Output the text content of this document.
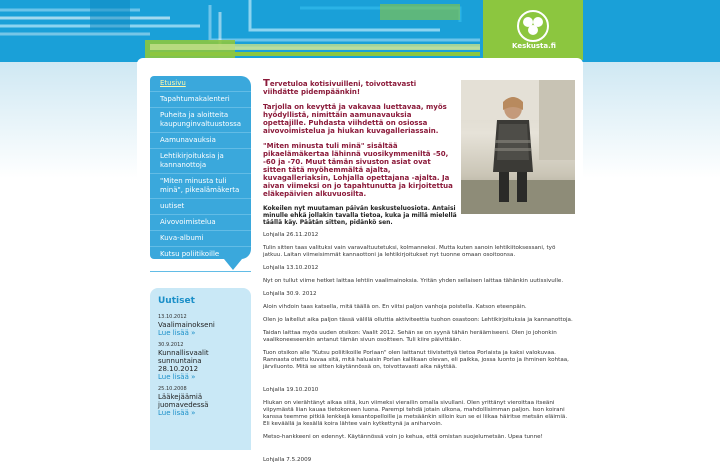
Keskusta.fi
Etusivu
Tapahtumakalenteri
Puheita ja aloitteita kaupunginvaltuustossa
Aamunavauksia
Lehtikirjoituksia ja kannanottoja
"Miten minusta tuli minä", pikealämäkerta
uutiset
Aivovoimistelua
Kuva-albumi
Kutsu poliitikoille Porlaan
Keskustelupalsta
Uutiset
13.10.2012
Vaalimainokseni
Lue lisää »
30.9.2012
Kunnallisvaalit sunnuntaina 28.10.2012
Lue lisää »
25.10.2008
Lääkejäämiä juomavedessä
Lue lisää »

Tervetuloa kotisivuilleni, toivottavasti viihdätte pidempäänkin!

Tarjolla on kevyttä ja vakavaa luettavaa, myös hyödyllistä, nimittäin aamunavauksia opettajille. Puhdasta viihdettä on osiossa aivovoimistelua ja hiukan kuvagalleriassain.

"Miten minusta tuli minä" sisältää pikaelämäkertaa lähinnä vuosikymmeniltä -50, -60 ja -70. Muut tämän sivuston asiat ovat sitten tätä myöhemmältä ajalta, kuvagalleriaksin, Lohjalla opettajana -ajalta. Ja aivan viimeksi on jo tapahtunutta ja kirjoitettua eläkepäivien alkuvuosilta.

Kokeilen nyt muutaman päivän keskusteluosiota. Antaisi minulle ehkä jollakin tavalla tietoa, kuka ja millä mielellä täällä käy. Päätän sitten, pidänkö sen.

Lohjalla 26.11.2012

Tulin sitten taas valituksi vain varavaltuutetuksi, kolmanneksi. Mutta kuten sanoin lehtikiitoksessani, työ jatkuu. Laitan viimeisimmät kannaottoni ja lehtikirjoitukset nyt tuonne omaan osoitoonsa.

Lohjalla 13.10.2012

Nyt on tullut viime hetket laittaa lehtiin vaalimainoksia. Yritän yhden sellaisen laittaa tähänkin uutissivulle.

Lohjalla 30.9. 2012

Aloin vihdoin taas katsella, mitä täällä on. En viitsi paljon vanhoja poistella. Katson eteenpäin.

Olen jo laitellut aika paljon tässä välillä olluttia aktiviteettia tuohon osastoon: Lehtikirjoituksia ja kannanottoja.

Taidan laittaa myös uuden otsikon: Vaalit 2012. Sehän se on syynä tähän heräämiseeni. Olen jo johonkin vaalikoneeseenkin antanut tämän sivun osoitteen. Tuli kiire päivittään.

Tuon otsikon alle "Kutsu poliitikoille Porlaan" olen laittanut tiivistettyä tietoa Porlaista ja kaksi valokuvaa. Rannasta otettu kuvaa sitä, mitä haluaisin Porlan kallikaan olevan, eli paikka, jossa luonto ja ihminen kohtaa, järviluonto. Mitä se sitten käytännössä on, toivottavasti aika näyttää.

Lohjalla 19.10.2010

Hiukan on vierähtänyt aikaa siitä, kun viimeksi vierailin omalla sivullani. Olen yrittänyt vieroittaa itseäni viipymästä liian kauaa tietokoneen luona. Parempi tehdä jotain ulkona, mahdollisimman paljon. Ison koirani kanssa teemme pitkiä lenkkejä kesantopelloille ja metsäänkin silloin kun se ei liikaa häiritse metsän eläimiä. Eli keväällä ja kesällä koira lähtee vain kytkettynä ja aniharvoin.

Metso-hankkeeni on edennyt. Käytännössä voin jo kehua, että omistan suojelumetsän. Upea tunne!

Lohjalla 7.5.2009
